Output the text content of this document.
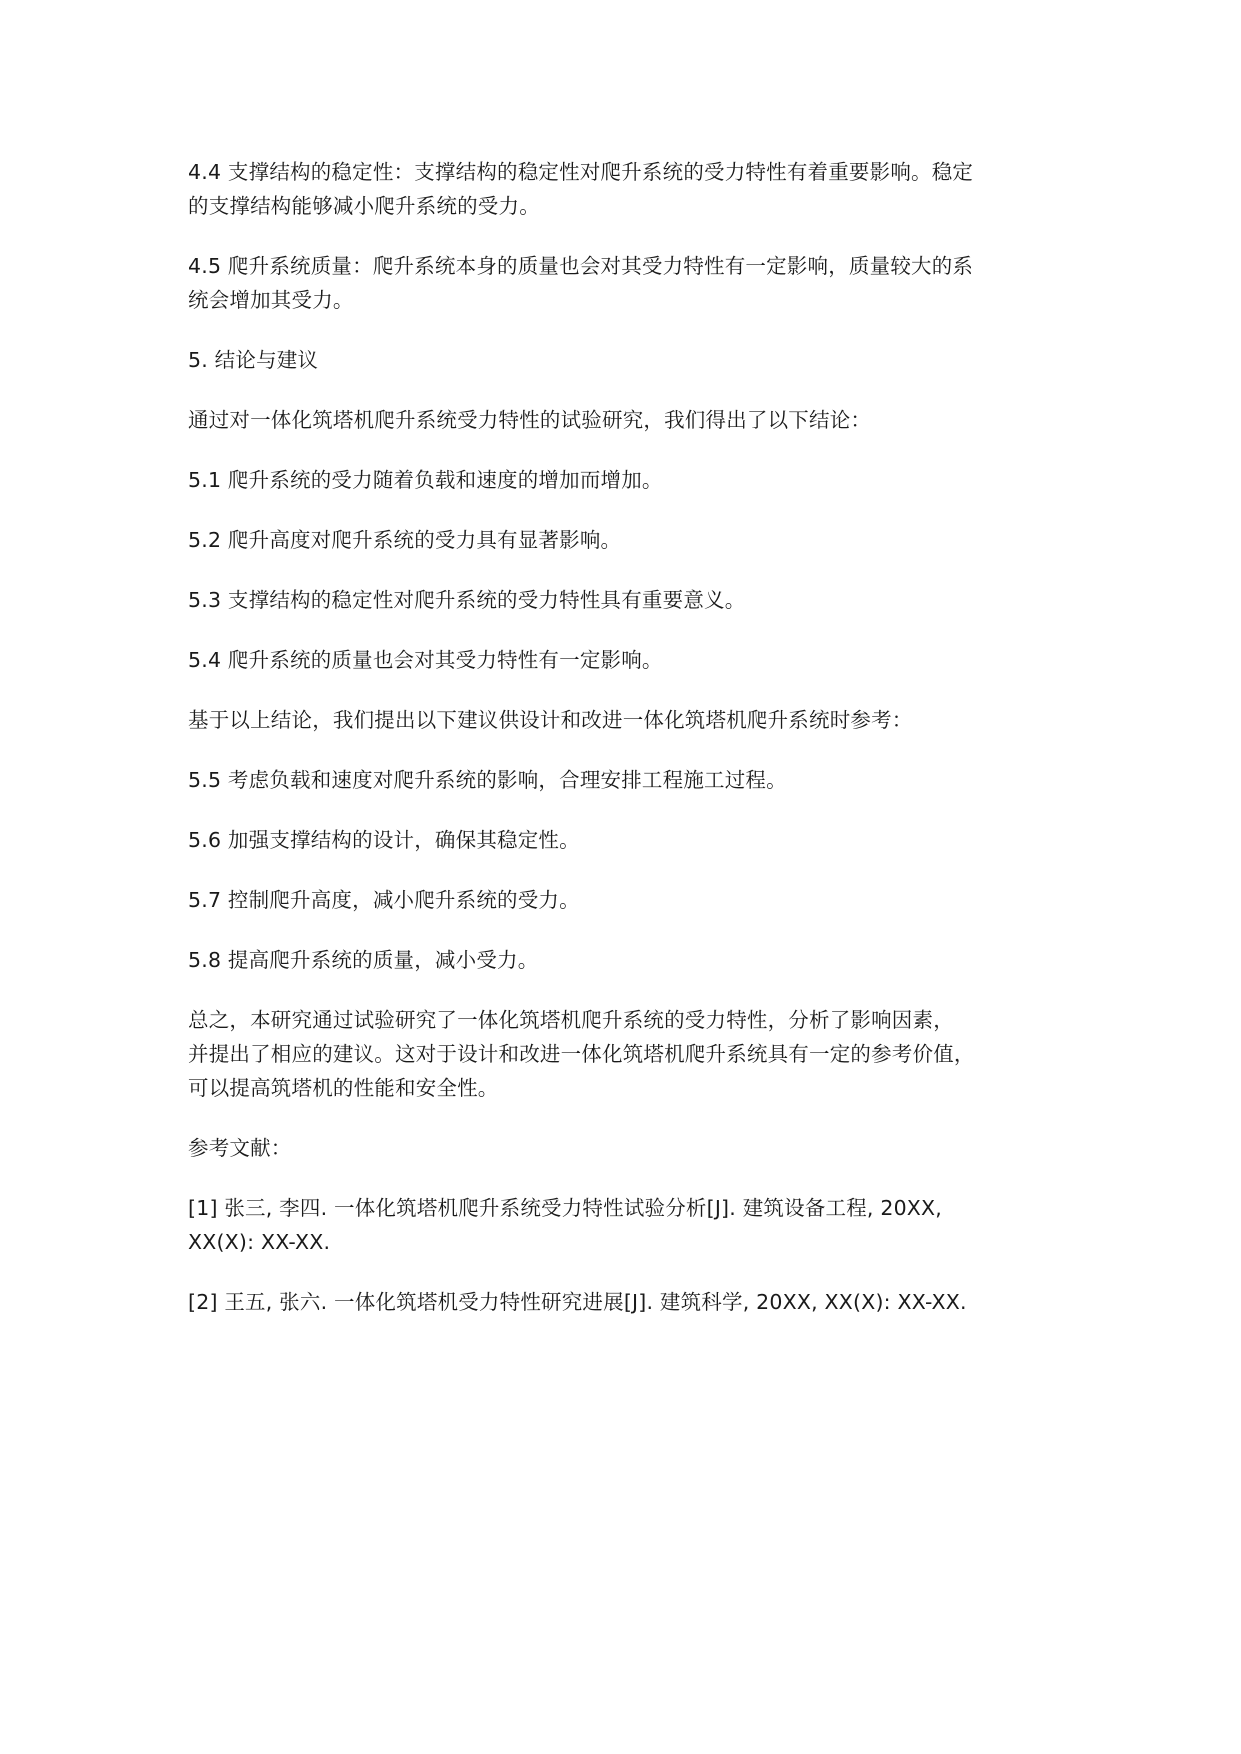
4.4 支撑结构的稳定性：支撑结构的稳定性对爬升系统的受力特性有着重要影响。稳定
的支撑结构能够减小爬升系统的受力。

4.5 爬升系统质量：爬升系统本身的质量也会对其受力特性有一定影响，质量较大的系
统会增加其受力。

5. 结论与建议

通过对一体化筑塔机爬升系统受力特性的试验研究，我们得出了以下结论：

5.1 爬升系统的受力随着负载和速度的增加而增加。

5.2 爬升高度对爬升系统的受力具有显著影响。

5.3 支撑结构的稳定性对爬升系统的受力特性具有重要意义。

5.4 爬升系统的质量也会对其受力特性有一定影响。

基于以上结论，我们提出以下建议供设计和改进一体化筑塔机爬升系统时参考：

5.5 考虑负载和速度对爬升系统的影响，合理安排工程施工过程。

5.6 加强支撑结构的设计，确保其稳定性。

5.7 控制爬升高度，减小爬升系统的受力。

5.8 提高爬升系统的质量，减小受力。

总之，本研究通过试验研究了一体化筑塔机爬升系统的受力特性，分析了影响因素，
并提出了相应的建议。这对于设计和改进一体化筑塔机爬升系统具有一定的参考价值，
可以提高筑塔机的性能和安全性。

参考文献：

[1] 张三, 李四. 一体化筑塔机爬升系统受力特性试验分析[J]. 建筑设备工程, 20XX,
XX(X): XX-XX.

[2] 王五, 张六. 一体化筑塔机受力特性研究进展[J]. 建筑科学, 20XX, XX(X): XX-XX.
